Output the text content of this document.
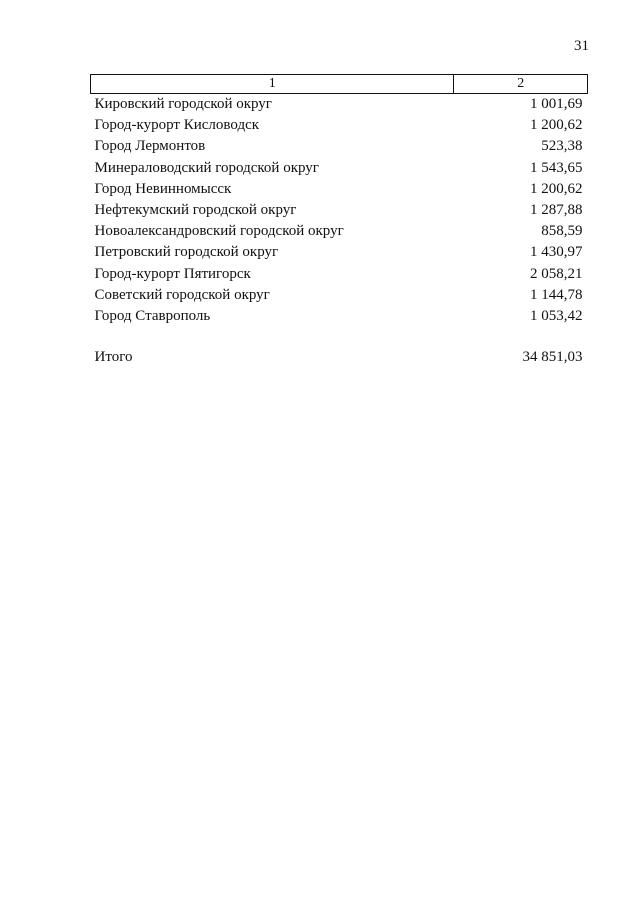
31
1	2
Кировский городской округ	1 001,69
Город-курорт Кисловодск	1 200,62
Город Лермонтов	523,38
Минераловодский городской округ	1 543,65
Город Невинномысск	1 200,62
Нефтекумский городской округ	1 287,88
Новоалександровский городской округ	858,59
Петровский городской округ	1 430,97
Город-курорт Пятигорск	2 058,21
Советский городской округ	1 144,78
Город Ставрополь	1 053,42

Итого	34 851,03
